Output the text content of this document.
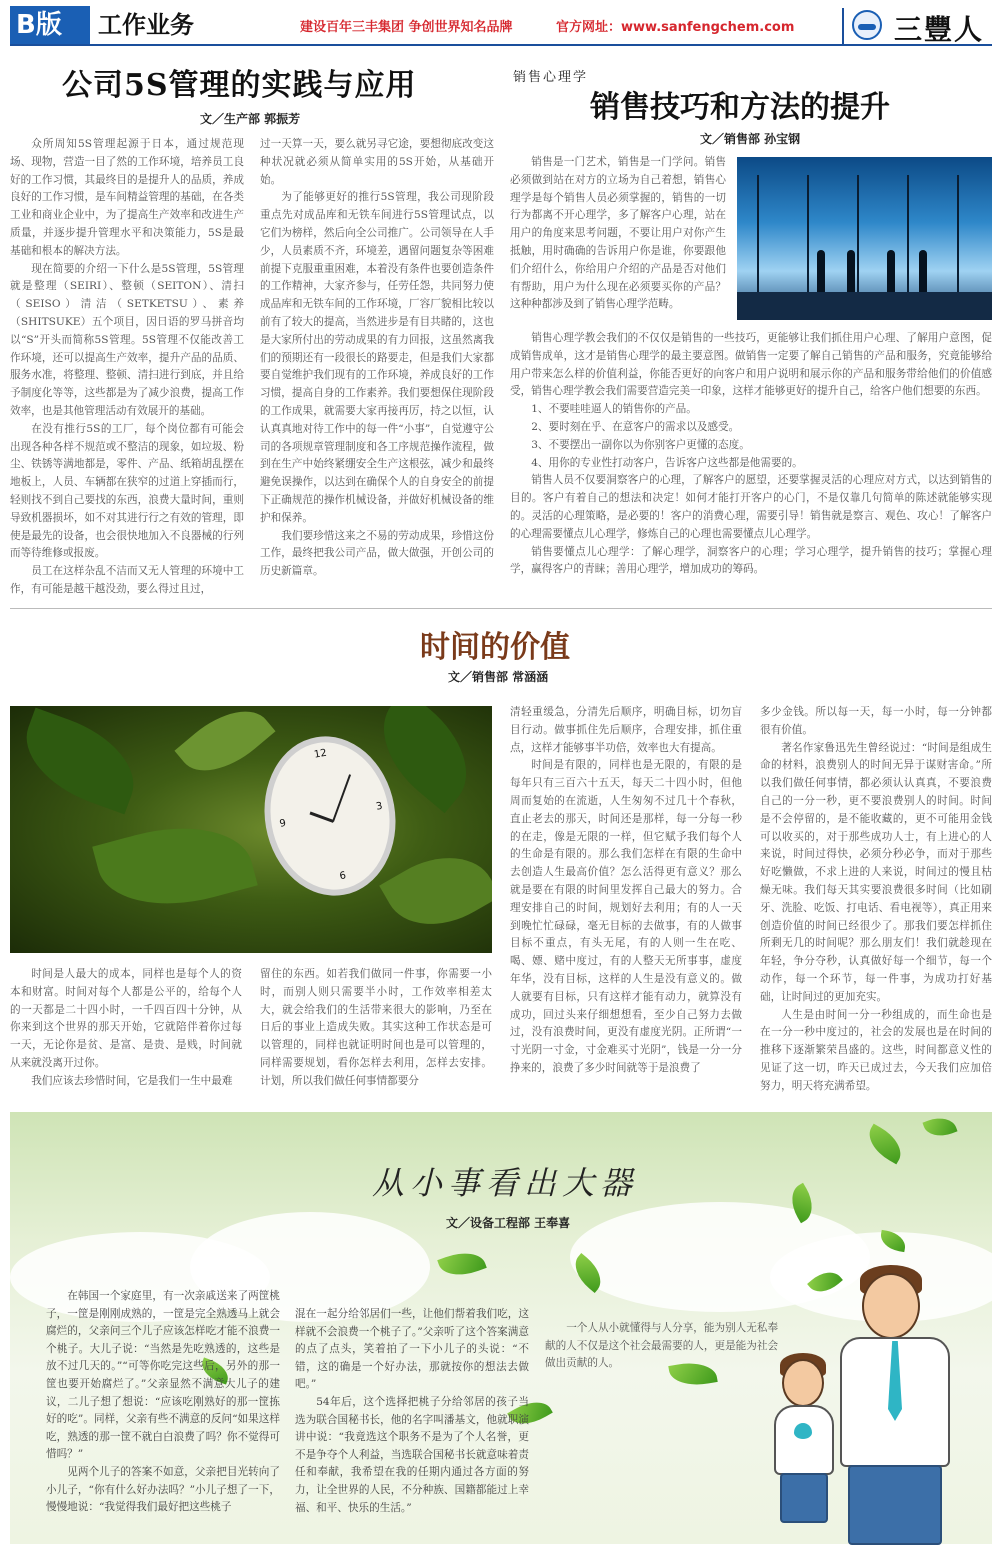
B版	工作业务	建设百年三丰集团 争创世界知名品牌	官方网址：www.sanfengchem.com	三豐人
公司5S管理的实践与应用
文／生产部 郭振芳

众所周知5S管理起源于日本，通过规范现场、现物，营造一目了然的工作环境，培养员工良好的工作习惯，其最终目的是提升人的品质，养成良好的工作习惯，是车间精益管理的基础，在各类工业和商业企业中，为了提高生产效率和改进生产质量，并逐步提升管理水平和决策能力，5S是最基础和根本的解决方法。

现在简要的介绍一下什么是5S管理，5S管理就是整理（SEIRI）、整顿（SEITON）、清扫（SEISO）清洁（SETKETSU）、素养（SHITSUKE）五个项目，因日语的罗马拼音均以“S”开头而简称5S管理。5S管理不仅能改善工作环境，还可以提高生产效率，提升产品的品质、服务水准，将整理、整顿、清扫进行到底，并且给予制度化等等，这些都是为了减少浪费，提高工作效率，也是其他管理活动有效展开的基础。

在没有推行5S的工厂，每个岗位都有可能会出现各种各样不规范或不整洁的现象，如垃圾、粉尘、铁锈等满地都是，零件、产品、纸箱胡乱摆在地板上，人员、车辆都在狭窄的过道上穿插而行，轻则找不到自己要找的东西，浪费大量时间，重则导致机器损坏，如不对其进行行之有效的管理，即使是最先的设备，也会很快地加入不良器械的行列而等待维修或报废。

员工在这样杂乱不洁而又无人管理的环境中工作，有可能是越干越没劲，要么得过且过，

过一天算一天，要么就另寻它途，要想彻底改变这种状况就必须从简单实用的5S开始，从基础开始。

为了能够更好的推行5S管理，我公司现阶段重点先对成品库和无铁车间进行5S管理试点，以它们为榜样，然后向全公司推广。公司领导在人手少，人员素质不齐，环境差，遇留问题复杂等困难前提下克服重重困难，本着没有条件也要创造条件的工作精神，大家齐参与，任劳任怨，共同努力使成品库和无铁车间的工作环境，厂容厂貌相比较以前有了较大的提高，当然进步是有目共睹的，这也是大家所付出的劳动成果的有力回报，这虽然离我们的预期还有一段很长的路要走，但是我们大家都要自觉维护我们现有的工作环境，养成良好的工作习惯，提高自身的工作素养。我们要想保住现阶段的工作成果，就需要大家再接再厉，持之以恒，认认真真地对待工作中的每一件“小事”，自觉遵守公司的各项规章管理制度和各工序规范操作流程，做到在生产中始终紧绷安全生产这根弦，减少和最终避免误操作，以达到在确保个人的自身安全的前提下正确规范的操作机械设备，并做好机械设备的维护和保养。

我们要珍惜这来之不易的劳动成果，珍惜这份工作，最终把我公司产品，做大做强，开创公司的历史新篇章。

销售心理学
销售技巧和方法的提升
文／销售部 孙宝钢

销售是一门艺术，销售是一门学问。销售必须做到站在对方的立场为自己着想，销售心理学是每个销售人员必须掌握的，销售的一切行为都离不开心理学，多了解客户心理，站在用户的角度来思考问题，不要让用户对你产生抵触，用时确确的告诉用户你是谁，你要跟他们介绍什么，你给用户介绍的产品是否对他们有帮助，用户为什么现在必须要买你的产品？这种种都涉及到了销售心理学范畴。

销售心理学教会我们的不仅仅是销售的一些技巧，更能够让我们抓住用户心理、了解用户意图，促成销售成单，这才是销售心理学的最主要意图。做销售一定要了解自己销售的产品和服务，究竟能够给用户带来怎么样的价值利益，你能否更好的向客户和用户说明和展示你的产品和服务带给他们的价值感受，销售心理学教会我们需要营造完美一印象，这样才能够更好的提升自己，给客户他们想要的东西。

1、不要哇哇逼人的销售你的产品。

2、要时刻在乎、在意客户的需求以及感受。

3、不要摆出一副你以为你别客户更懂的态度。

4、用你的专业性打动客户，告诉客户这些都是他需要的。

销售人员不仅要洞察客户的心理，了解客户的愿望，还要掌握灵活的心理应对方式，以达到销售的目的。客户有着自己的想法和决定！如何才能打开客户的心门，不是仅靠几句简单的陈述就能够实现的。灵活的心理策略，是必要的！客户的消费心理，需要引导！销售就是察言、观色、攻心！了解客户的心理需要懂点儿心理学，修炼自己的心理也需要懂点儿心理学。

销售要懂点儿心理学：了解心理学，洞察客户的心理；学习心理学，提升销售的技巧；掌握心理学，赢得客户的青睐；善用心理学，增加成功的筹码。

时间的价值
文／销售部 常涵涵
12
3
6
9

时间是人最大的成本，同样也是每个人的资本和财富。时间对每个人都是公平的，给每个人的一天都是二十四小时，一千四百四十分钟，从你来到这个世界的那天开始，它就陪伴着你过每一天，无论你是贫、是富、是贵、是贱，时间就从来就没离开过你。

我们应该去珍惜时间，它是我们一生中最难

留住的东西。如若我们做同一件事，你需要一小时，而别人则只需要半小时，工作效率相差太大，就会给我们的生活带来很大的影响，乃至在日后的事业上造成失败。其实这种工作状态是可以管理的，同样也就证明时间也是可以管理的，同样需要规划，看你怎样去利用，怎样去安排。计划，所以我们做任何事情都要分

清轻重缓急，分清先后顺序，明确目标，切勿盲目行动。做事抓住先后顺序，合理安排，抓住重点，这样才能够事半功倍，效率也大有提高。

时间是有限的，同样也是无限的，有限的是每年只有三百六十五天，每天二十四小时，但他周而复始的在流逝，人生匆匆不过几十个春秋，直止老去的那天，时间还是那样，每一分每一秒的在走，像是无限的一样，但它赋予我们每个人的生命是有限的。那么我们怎样在有限的生命中去创造人生最高价值？怎么活得更有意义？那么就是要在有限的时间里发挥自己最大的努力。合理安排自己的时间，规划好去利用；有的人一天到晚忙忙碌碌，毫无目标的去做事，有的人做事目标不重点，有头无尾，有的人则一生在吃、喝、嫖、赌中度过，有的人整天无所事事，虚度年华，没有目标，这样的人生是没有意义的。做人就要有目标，只有这样才能有动力，就算没有成功，回过头来仔细想想看，至少自己努力去做过，没有浪费时间，更没有虚度光阴。正所谓“一寸光阴一寸金，寸金难买寸光阴”，钱是一分一分挣来的，浪费了多少时间就等于是浪费了

多少金钱。所以每一天，每一小时，每一分钟都很有价值。

著名作家鲁迅先生曾经说过：“时间是组成生命的材料，浪费别人的时间无异于谋财害命。”所以我们做任何事情，都必须认认真真，不要浪费自己的一分一秒，更不要浪费别人的时间。时间是不会停留的，是不能收藏的，更不可能用金钱可以收买的，对于那些成功人士，有上进心的人来说，时间过得快，必须分秒必争，而对于那些好吃懒做，不求上进的人来说，时间过的慢且枯燥无味。我们每天其实要浪费很多时间（比如刷牙、洗脸、吃饭、打电话、看电视等），真正用来创造价值的时间已经很少了。那我们要怎样抓住所剩无几的时间呢？那么朋友们！我们就趁现在年轻，争分夺秒，认真做好每一个细节，每一个动作，每一个环节，每一件事，为成功打好基础，让时间过的更加充实。

人生是由时间一分一秒组成的，而生命也是在一分一秒中度过的，社会的发展也是在时间的推移下逐渐繁荣昌盛的。这些，时间都意义性的见证了这一切，昨天已成过去，今天我们应加倍努力，明天将充满希望。

从小事看出大器
文／设备工程部 王奉喜

在韩国一个家庭里，有一次亲戚送来了两筐桃子，一筐是刚刚成熟的，一筐是完全熟透马上就会腐烂的，父亲问三个儿子应该怎样吃才能不浪费一个桃子。大儿子说：“当然是先吃熟透的，这些是放不过几天的。”“可等你吃完这些后，另外的那一筐也要开始腐烂了。”父亲显然不满意大儿子的建议，二儿子想了想说：“应该吃刚熟好的那一筐拣好的吃”。同样，父亲有些不满意的反问“如果这样吃，熟透的那一筐不就白白浪费了吗？你不觉得可惜吗？”

见两个儿子的答案不如意，父亲把目光转向了小儿子，“你有什么好办法吗？”小儿子想了一下，慢慢地说：“我觉得我们最好把这些桃子

混在一起分给邻居们一些，让他们帮着我们吃，这样就不会浪费一个桃子了。”父亲听了这个答案满意的点了点头，笑着拍了一下小儿子的头说：“不错，这的确是一个好办法，那就按你的想法去做吧。”

54年后，这个选择把桃子分给邻居的孩子当选为联合国秘书长，他的名字叫潘基文，他就职演讲中说：“我竟选这个职务不是为了个人名誉，更不是争夺个人利益，当选联合国秘书长就意味着责任和奉献，我希望在我的任期内通过各方面的努力，让全世界的人民，不分种族、国籍都能过上幸福、和平、快乐的生活。”

一个人从小就懂得与人分享，能为别人无私奉献的人不仅是这个社会最需要的人，更是能为社会做出贡献的人。
